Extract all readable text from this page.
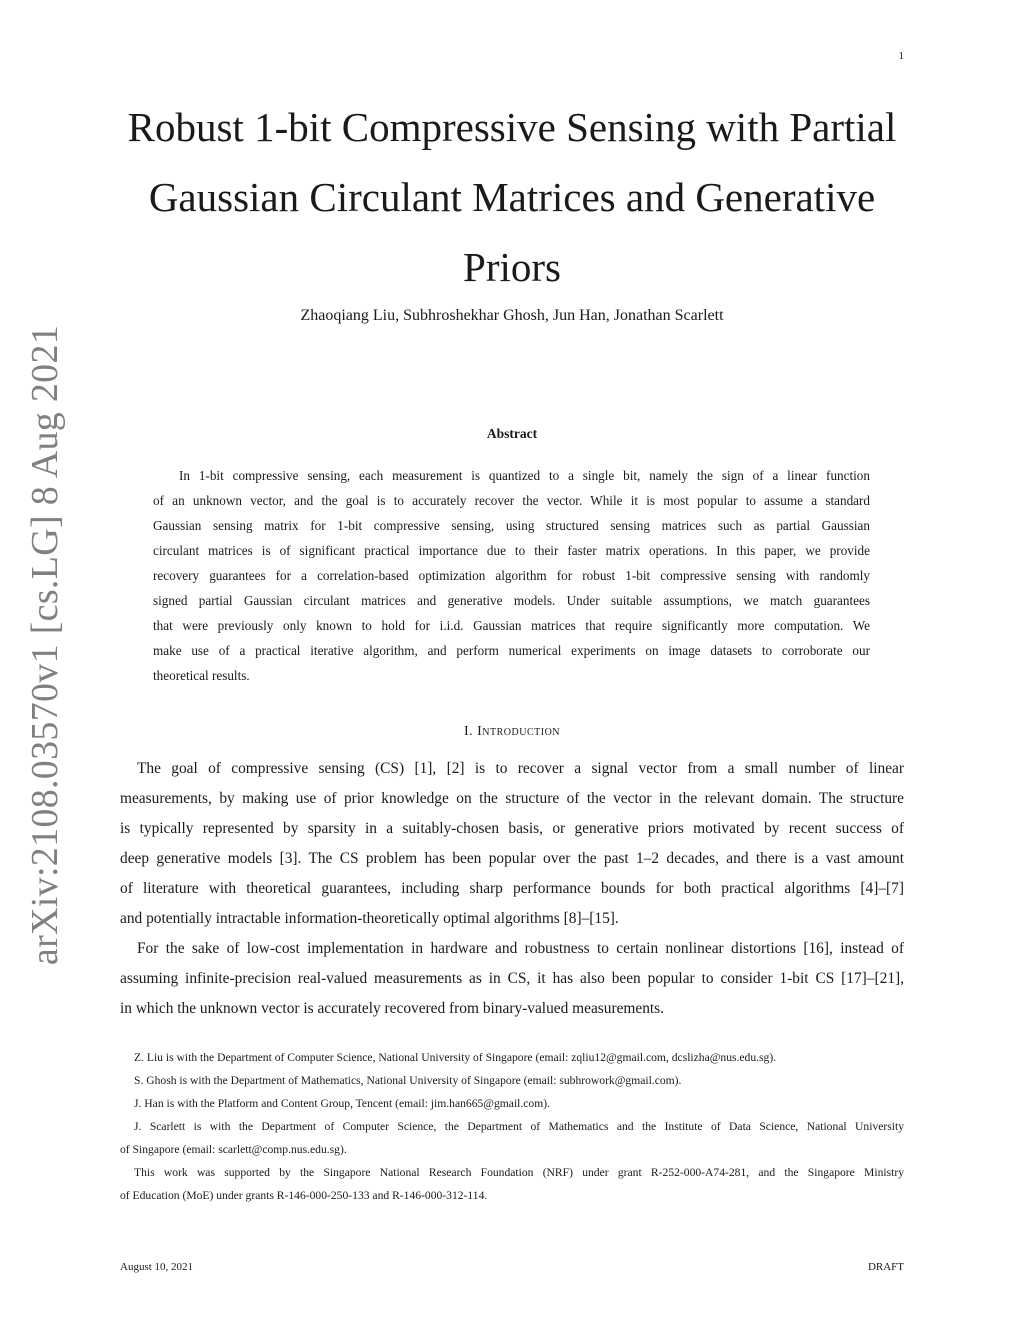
1
arXiv:2108.03570v1 [cs.LG] 8 Aug 2021
Robust 1-bit Compressive Sensing with Partial
Gaussian Circulant Matrices and Generative
Priors
Zhaoqiang Liu, Subhroshekhar Ghosh, Jun Han, Jonathan Scarlett
Abstract
In 1-bit compressive sensing, each measurement is quantized to a single bit, namely the sign of a linear function
of an unknown vector, and the goal is to accurately recover the vector. While it is most popular to assume a standard
Gaussian sensing matrix for 1-bit compressive sensing, using structured sensing matrices such as partial Gaussian
circulant matrices is of significant practical importance due to their faster matrix operations. In this paper, we provide
recovery guarantees for a correlation-based optimization algorithm for robust 1-bit compressive sensing with randomly
signed partial Gaussian circulant matrices and generative models. Under suitable assumptions, we match guarantees
that were previously only known to hold for i.i.d. Gaussian matrices that require significantly more computation. We
make use of a practical iterative algorithm, and perform numerical experiments on image datasets to corroborate our
theoretical results.
I. Introduction
The goal of compressive sensing (CS) [1], [2] is to recover a signal vector from a small number of linear
measurements, by making use of prior knowledge on the structure of the vector in the relevant domain. The structure
is typically represented by sparsity in a suitably-chosen basis, or generative priors motivated by recent success of
deep generative models [3]. The CS problem has been popular over the past 1–2 decades, and there is a vast amount
of literature with theoretical guarantees, including sharp performance bounds for both practical algorithms [4]–[7]
and potentially intractable information-theoretically optimal algorithms [8]–[15].
For the sake of low-cost implementation in hardware and robustness to certain nonlinear distortions [16], instead of
assuming infinite-precision real-valued measurements as in CS, it has also been popular to consider 1-bit CS [17]–[21],
in which the unknown vector is accurately recovered from binary-valued measurements.
Z. Liu is with the Department of Computer Science, National University of Singapore (email: zqliu12@gmail.com, dcslizha@nus.edu.sg).
S. Ghosh is with the Department of Mathematics, National University of Singapore (email: subhrowork@gmail.com).
J. Han is with the Platform and Content Group, Tencent (email: jim.han665@gmail.com).
J. Scarlett is with the Department of Computer Science, the Department of Mathematics and the Institute of Data Science, National University
of Singapore (email: scarlett@comp.nus.edu.sg).
This work was supported by the Singapore National Research Foundation (NRF) under grant R-252-000-A74-281, and the Singapore Ministry
of Education (MoE) under grants R-146-000-250-133 and R-146-000-312-114.
August 10, 2021	DRAFT
